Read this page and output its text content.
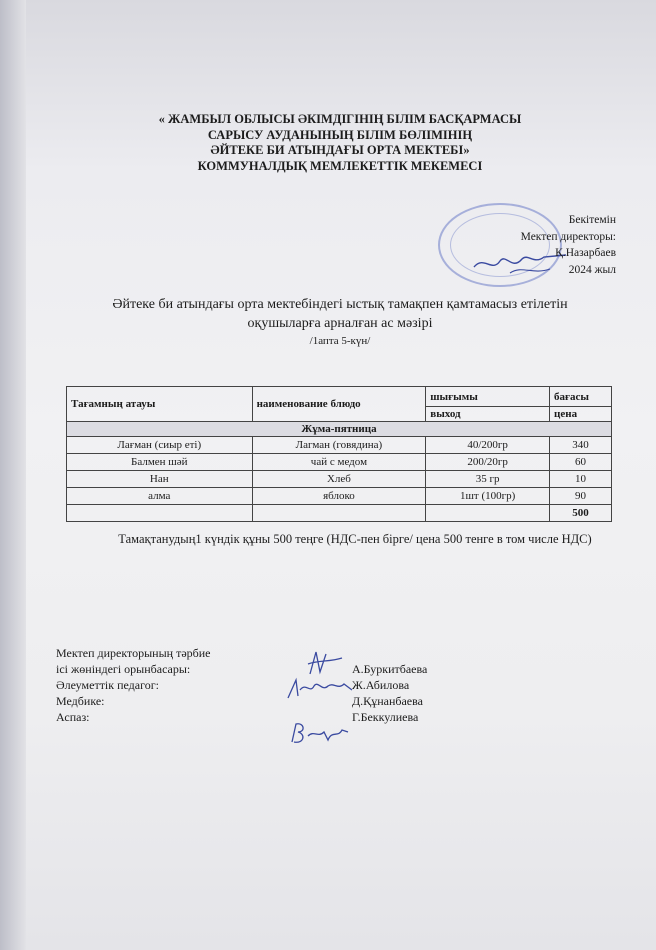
« ЖАМБЫЛ ОБЛЫСЫ ӘКІМДІГІНІҢ БІЛІМ БАСҚАРМАСЫ
САРЫСУ АУДАНЫНЫҢ БІЛІМ БӨЛІМІНІҢ
ӘЙТЕКЕ БИ АТЫНДАҒЫ ОРТА МЕКТЕБІ»
КОММУНАЛДЫҚ МЕМЛЕКЕТТІК МЕКЕМЕСІ
Бекітемін
Мектеп директоры:
Қ.Назарбаев
2024 жыл
Әйтеке би атындағы орта мектебіндегі ыстық тамақпен қамтамасыз етілетін
оқушыларға арналған ас мәзірі
/1апта 5-күн/
Тағамның атауы	наименование блюдо	шығымы	бағасы
		выход	цена
Жұма-пятница			
Лағман (сиыр еті)	Лагман (говядина)	40/200гр	340
Балмен шәй	чай с медом	200/20гр	60
Нан	Хлеб	35 гр	10
алма	яблоко	1шт (100гр)	90
			500
Тамақтанудың1 күндік құны 500 теңге (НДС-пен бірге/ цена 500 тенге в том числе НДС)
Мектеп директорының тәрбие
ісі жөніндегі орынбасары:	А.Буркитбаева
Әлеуметтік педагог:	Ж.Абилова
Медбике:	Д.Құнанбаева
Аспаз:	Г.Беккулиева
